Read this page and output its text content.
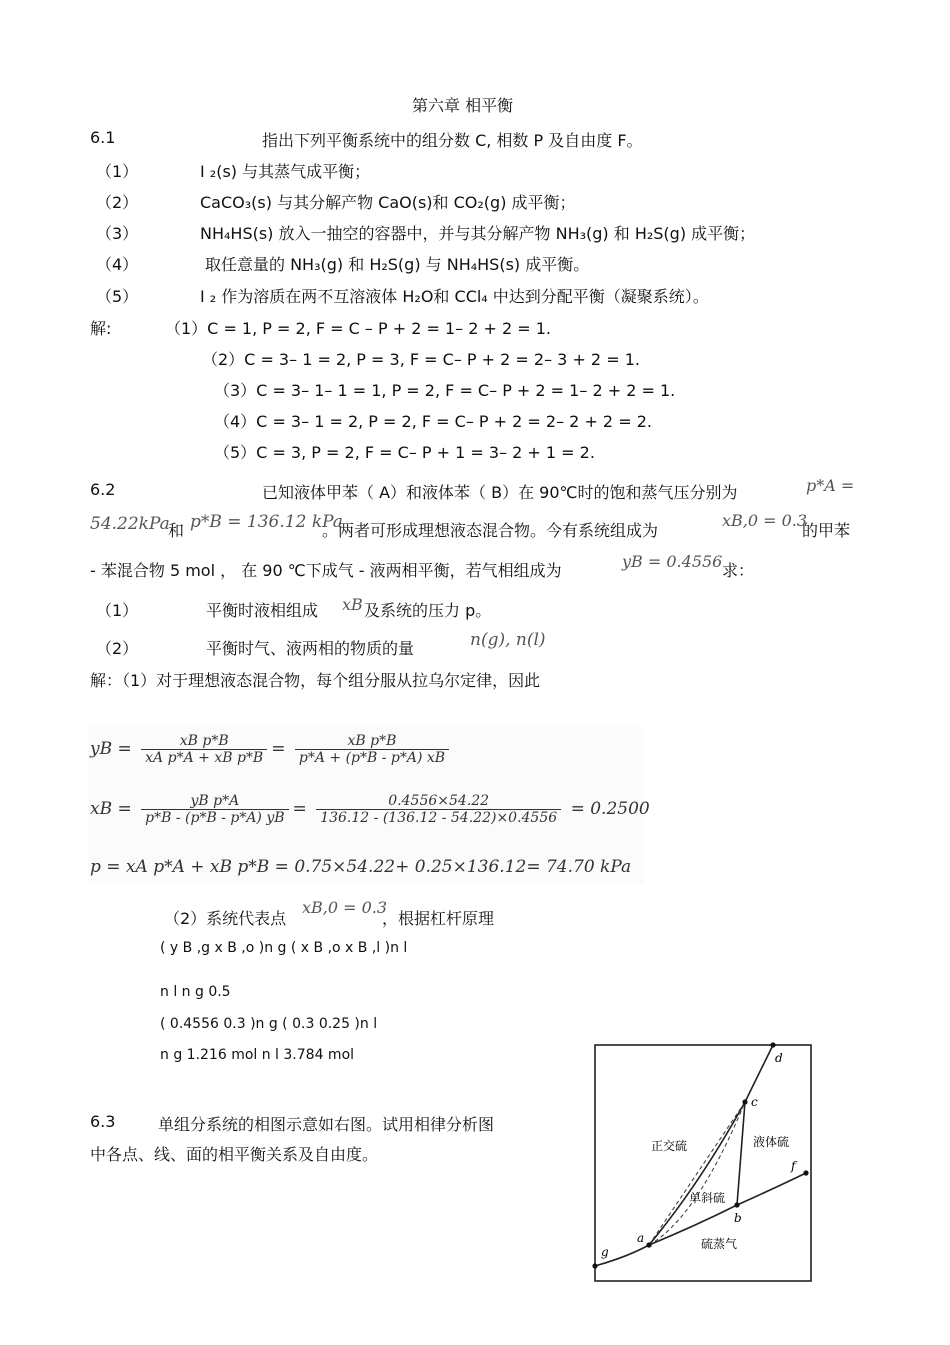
第六章 相平衡
6.1	指出下列平衡系统中的组分数 C, 相数 P 及自由度 F。
（1）	I ₂(s) 与其蒸气成平衡；
（2）	CaCO₃(s) 与其分解产物 CaO(s)和 CO₂(g) 成平衡；
（3）	NH₄HS(s) 放入一抽空的容器中，并与其分解产物 NH₃(g) 和 H₂S(g) 成平衡；
（4）	取任意量的 NH₃(g) 和 H₂S(g) 与 NH₄HS(s) 成平衡。
（5）	I ₂ 作为溶质在两不互溶液体 H₂O和 CCl₄ 中达到分配平衡（凝聚系统）。
解:	（1）C = 1, P = 2, F = C – P + 2 = 1– 2 + 2 = 1.
（2）C = 3– 1 = 2, P = 3, F = C– P + 2 = 2– 3 + 2 = 1.
（3）C = 3– 1– 1 = 1, P = 2, F = C– P + 2 = 1– 2 + 2 = 1.
（4）C = 3– 1 = 2, P = 2, F = C– P + 2 = 2– 2 + 2 = 2.
（5）C = 3, P = 2, F = C– P + 1 = 3– 2 + 1 = 2.
6.2	已知液体甲苯（ A）和液体苯（ B）在 90℃时的饱和蒸气压分别为	p*A =
54.22kPa
和 p*B = 136.12 kPa
。两者可形成理想液态混合物。今有系统组成为
xB,0 = 0.3
的甲苯
- 苯混合物 5 mol ， 在 90 ℃下成气 - 液两相平衡，若气相组成为	yB = 0.4556 求：
（1）	平衡时液相组成 xB 及系统的压力 p。
（2）	平衡时气、液两相的物质的量	n(g), n(l)
解：（1）对于理想液态混合物，每个组分服从拉乌尔定律，因此
yB = $\frac{\text{xB p*B}}{\text{xA p*A + xB p*B}} = \frac{\text{xB p*B}}{p*A + (p*B - p*A) xB}$
xB = $\frac{\text{yB p*A}}{p*B - (p*B - p*A) yB} = \frac{0.4556\times 54.22}{136.12 - (136.12 - 54.22)\times 0.4556} = 0.2500$
p = xA p*A + xB p*B = 0.75×54.22+ 0.25×136.12= 74.70 kPa
（2）系统代表点
xB,0 = 0.3
，根据杠杆原理
( y B ,g x B ,o )n g ( x B ,o x B ,l )n l
n l n g 0.5
( 0.4556 0.3 )n g ( 0.3 0.25 )n l
n g 1.216 mol n l 3.784 mol
6.3	单组分系统的相图示意如右图。试用相律分析图
中各点、线、面的相平衡关系及自由度。
g
a
b
c
d
f
正交硫	液体硫
单斜硫
硫蒸气
